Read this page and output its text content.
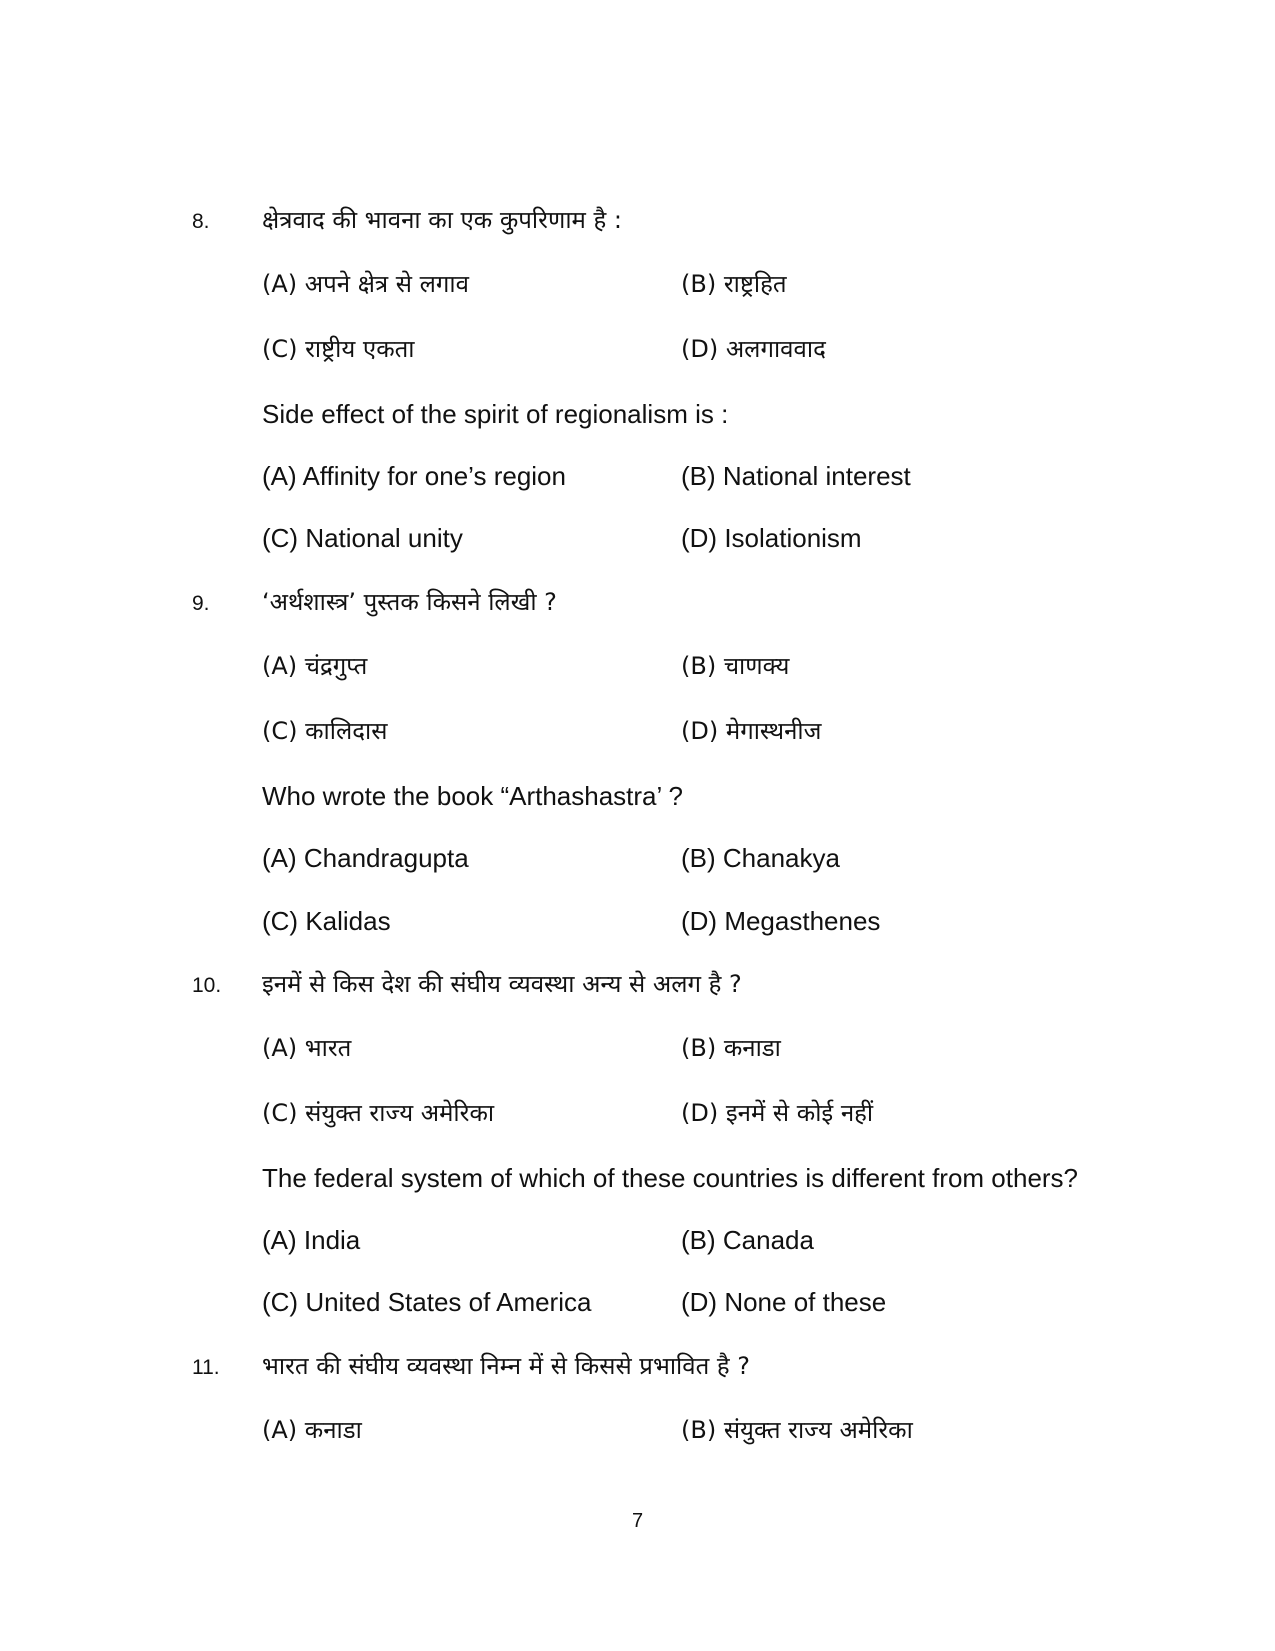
8. क्षेत्रवाद की भावना का एक कुपरिणाम है :
(A) अपने क्षेत्र से लगाव	(B) राष्ट्रहित
(C) राष्ट्रीय एकता	(D) अलगाववाद
Side effect of the spirit of regionalism is :
(A) Affinity for one’s region	(B) National interest
(C) National unity	(D) Isolationism
9. ‘अर्थशास्त्र’ पुस्तक किसने लिखी ?
(A) चंद्रगुप्त	(B) चाणक्य
(C) कालिदास	(D) मेगास्थनीज
Who wrote the book “Arthashastra’ ?
(A) Chandragupta	(B) Chanakya
(C) Kalidas	(D) Megasthenes
10. इनमें से किस देश की संघीय व्यवस्था अन्य से अलग है ?
(A) भारत	(B) कनाडा
(C) संयुक्त राज्य अमेरिका	(D) इनमें से कोई नहीं
The federal system of which of these countries is different from others?
(A) India	(B) Canada
(C) United States of America	(D) None of these
11. भारत की संघीय व्यवस्था निम्न में से किससे प्रभावित है ?
(A) कनाडा	(B) संयुक्त राज्य अमेरिका
7
